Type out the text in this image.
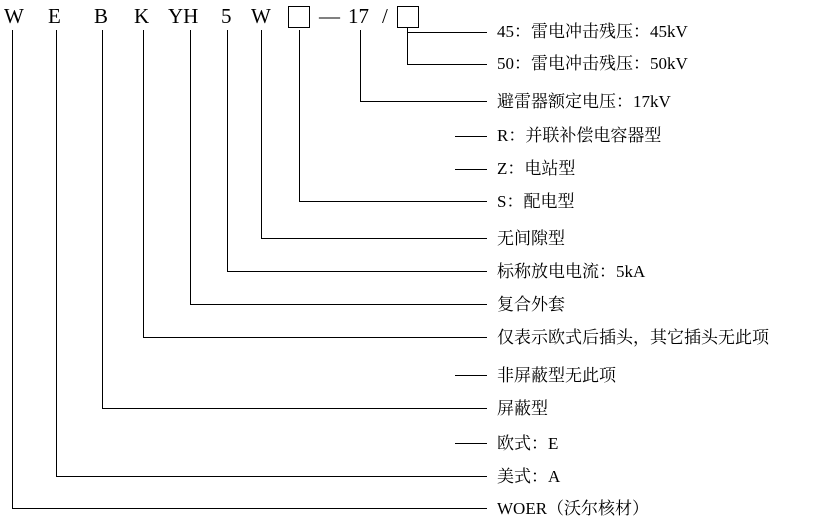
W E B K YH 5 W — 17 /
45：雷电冲击残压：45kV
50：雷电冲击残压：50kV
避雷器额定电压：17kV
R：并联补偿电容器型
Z：电站型
S：配电型
无间隙型
标称放电电流：5kA
复合外套
仅表示欧式后插头，其它插头无此项
非屏蔽型无此项
屏蔽型
欧式：E
美式：A
WOER（沃尔核材）
